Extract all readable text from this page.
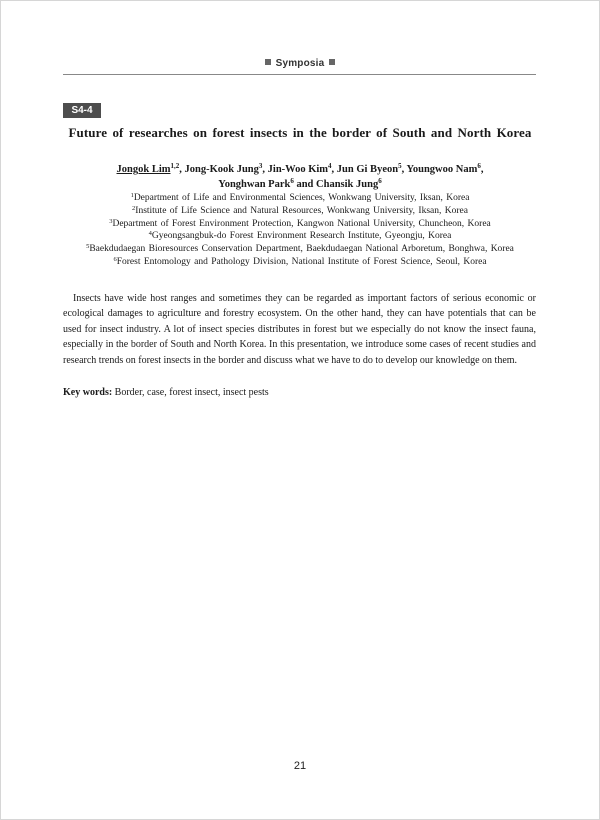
Symposia
S4-4
Future of researches on forest insects in the border of South and North Korea
Jongok Lim$^{1,2}$, Jong-Kook Jung$^3$, Jin-Woo Kim$^4$, Jun Gi Byeon$^5$, Youngwoo Nam$^6$,
Yonghwan Park$^6$ and Chansik Jung$^6$
$^1$Department of Life and Environmental Sciences, Wonkwang University, Iksan, Korea
$^2$Institute of Life Science and Natural Resources, Wonkwang University, Iksan, Korea
$^3$Department of Forest Environment Protection, Kangwon National University, Chuncheon, Korea
$^4$Gyeongsangbuk-do Forest Environment Research Institute, Gyeongju, Korea
$^5$Baekdudaegan Bioresources Conservation Department, Baekdudaegan National Arboretum, Bonghwa, Korea
$^6$Forest Entomology and Pathology Division, National Institute of Forest Science, Seoul, Korea

Insects have wide host ranges and sometimes they can be regarded as important factors of serious economic or ecological damages to agriculture and forestry ecosystem. On the other hand, they can have potentials that can be used for insect industry. A lot of insect species distributes in forest but we especially do not know the insect fauna, especially in the border of South and North Korea. In this presentation, we introduce some cases of recent studies and research trends on forest insects in the border and discuss what we have to do to develop our knowledge on them.

Key words: Border, case, forest insect, insect pests
21
